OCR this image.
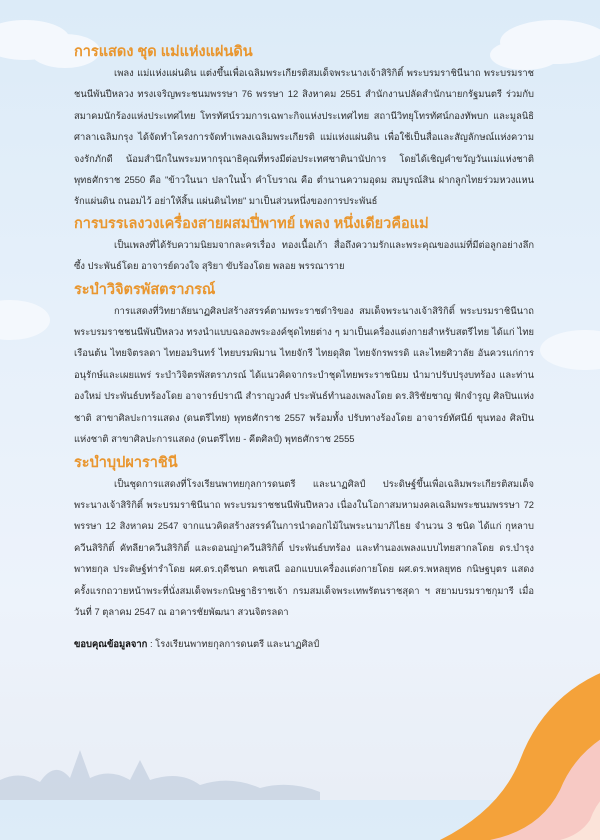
การแสดง ชุด แม่แห่งแผ่นดิน

เพลง แม่แห่งแผ่นดิน แต่งขึ้นเพื่อเฉลิมพระเกียรติสมเด็จพระนางเจ้าสิริกิติ์ พระบรมราชินีนาถ พระบรมราชชนนีพันปีหลวง ทรงเจริญพระชนมพรรษา 76 พรรษา 12 สิงหาคม 2551 สำนักงานปลัดสำนักนายกรัฐมนตรี ร่วมกับสมาคมนักร้องแห่งประเทศไทย โทรทัศน์รวมการเฉพาะกิจแห่งประเทศไทย สถานีวิทยุโทรทัศน์กองทัพบก และมูลนิธิศาลาเฉลิมกรุง ได้จัดทำโครงการจัดทำเพลงเฉลิมพระเกียรติ แม่แห่งแผ่นดิน เพื่อใช้เป็นสื่อและสัญลักษณ์แห่งความจงรักภักดี น้อมสำนึกในพระมหากรุณาธิคุณที่ทรงมีต่อประเทศชาตินานัปการ โดยได้เชิญคำขวัญวันแม่แห่งชาติ พุทธศักราช 2550 คือ "ข้าวในนา ปลาในน้ำ คำโบราณ คือ ตำนานความอุดม สมบูรณ์สิน ฝากลูกไทยร่วมหวงแหน รักแผ่นดิน ถนอมไว้ อย่าให้สิ้น แผ่นดินไทย" มาเป็นส่วนหนึ่งของการประพันธ์

การบรรเลงวงเครื่องสายผสมปี่พาทย์ เพลง หนึ่งเดียวคือแม่

เป็นเพลงที่ได้รับความนิยมจากละครเรื่อง ทองเนื้อเก้า สื่อถึงความรักและพระคุณของแม่ที่มีต่อลูกอย่างลึกซึ้ง ประพันธ์โดย อาจารย์ดวงใจ สุริยา ขับร้องโดย พลอย พรรณาราย

ระบำวิจิตรพัสตราภรณ์

การแสดงที่วิทยาลัยนาฏศิลปสร้างสรรค์ตามพระราชดำริของ สมเด็จพระนางเจ้าสิริกิติ์ พระบรมราชินีนาถ พระบรมราชชนนีพันปีหลวง ทรงนำแบบฉลองพระองค์ชุดไทยต่าง ๆ มาเป็นเครื่องแต่งกายสำหรับสตรีไทย ได้แก่ ไทยเรือนต้น ไทยจิตรลดา ไทยอมรินทร์ ไทยบรมพิมาน ไทยจักรี ไทยดุสิต ไทยจักรพรรดิ และไทยศิวาลัย อันควรแก่การอนุรักษ์และเผยแพร่ ระบำวิจิตรพัสตราภรณ์ ได้แนวคิดจากระบำชุดไทยพระราชนิยม นำมาปรับปรุงบทร้อง และท่านองใหม่ ประพันธ์บทร้องโดย อาจารย์ปราณี สำราญวงศ์ ประพันธ์ทำนองเพลงโดย ดร.สิริชัยชาญ ฟักจำรูญ ศิลปินแห่งชาติ สาขาศิลปะการแสดง (ดนตรีไทย) พุทธศักราช 2557 พร้อมทั้ง ปรับทางร้องโดย อาจารย์ทัศนีย์ ขุนทอง ศิลปินแห่งชาติ สาขาศิลปะการแสดง (ดนตรีไทย - คีตศิลป์) พุทธศักราช 2555

ระบำบุปผาราชินี

เป็นชุดการแสดงที่โรงเรียนพาทยกุลการดนตรี และนาฏศิลป์ ประดิษฐ์ขึ้นเพื่อเฉลิมพระเกียรติสมเด็จพระนางเจ้าสิริกิติ์ พระบรมราชินีนาถ พระบรมราชชนนีพันปีหลวง เนื่องในโอกาสมหามงคลเฉลิมพระชนมพรรษา 72 พรรษา 12 สิงหาคม 2547 จากแนวคิดสร้างสรรค์ในการนำดอกไม้ในพระนามาภิไธย จำนวน 3 ชนิด ได้แก่ กุหลาบควีนสิริกิติ์ คัทลียาควีนสิริกิติ์ และดอนญ่าควีนสิริกิติ์ ประพันธ์บทร้อง และทำนองเพลงแบบไทยสากลโดย ดร.บำรุง พาทยกุล ประดิษฐ์ท่ารำโดย ผศ.ดร.ฤดีชนก คชเสนี ออกแบบเครื่องแต่งกายโดย ผศ.ดร.พหลยุทธ กนิษฐบุตร แสดงครั้งแรกถวายหน้าพระที่นั่งสมเด็จพระกนิษฐาธิราชเจ้า กรมสมเด็จพระเทพรัตนราชสุดา ฯ สยามบรมราชกุมารี เมื่อวันที่ 7 ตุลาคม 2547 ณ อาคารชัยพัฒนา สวนจิตรลดา

ขอบคุณข้อมูลจาก : โรงเรียนพาทยกุลการดนตรี และนาฏศิลป์
